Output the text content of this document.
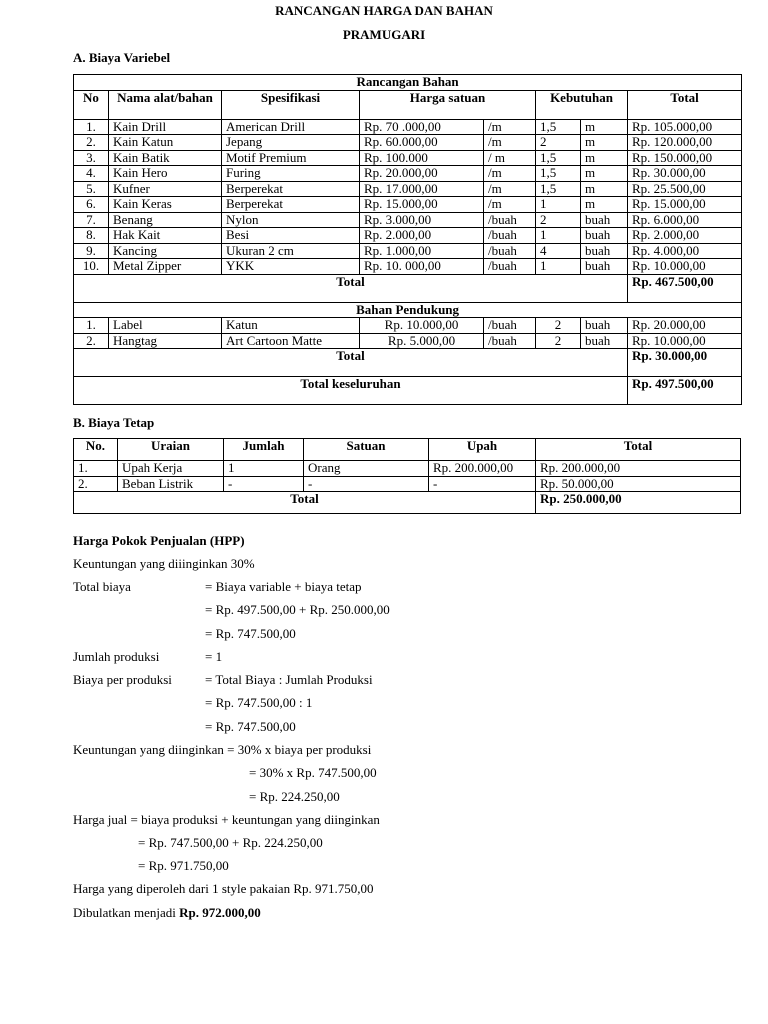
RANCANGAN HARGA DAN BAHAN
PRAMUGARI
A. Biaya Variebel
Rancangan Bahan							
No	Nama alat/bahan	Spesifikasi	Harga satuan		Kebutuhan		Total
1.	Kain Drill	American Drill	Rp. 70 .000,00	/m	1,5	m	Rp. 105.000,00
2.	Kain Katun	Jepang	Rp. 60.000,00	/m	2	m	Rp. 120.000,00
3.	Kain Batik	Motif Premium	Rp. 100.000	/ m	1,5	m	Rp. 150.000,00
4.	Kain Hero	Furing	Rp. 20.000,00	/m	1,5	m	Rp. 30.000,00
5.	Kufner	Berperekat	Rp. 17.000,00	/m	1,5	m	Rp. 25.500,00
6.	Kain Keras	Berperekat	Rp. 15.000,00	/m	1	m	Rp. 15.000,00
7.	Benang	Nylon	Rp. 3.000,00	/buah	2	buah	Rp. 6.000,00
8.	Hak Kait	Besi	Rp. 2.000,00	/buah	1	buah	Rp. 2.000,00
9.	Kancing	Ukuran 2 cm	Rp. 1.000,00	/buah	4	buah	Rp. 4.000,00
10.	Metal Zipper	YKK	Rp. 10. 000,00	/buah	1	buah	Rp. 10.000,00
Total							Rp. 467.500,00
Bahan Pendukung							
1.	Label	Katun	Rp. 10.000,00	/buah	2	buah	Rp. 20.000,00
2.	Hangtag	Art Cartoon Matte	Rp. 5.000,00	/buah	2	buah	Rp. 10.000,00
Total							Rp. 30.000,00
Total keseluruhan							Rp. 497.500,00
B. Biaya Tetap
No.	Uraian	Jumlah	Satuan	Upah	Total
1.	Upah Kerja	1	Orang	Rp. 200.000,00	Rp. 200.000,00
2.	Beban Listrik	-	-	-	Rp. 50.000,00
Total					Rp. 250.000,00
Harga Pokok Penjualan (HPP)
Keuntungan yang diiinginkan 30%
Total biaya	= Biaya variable + biaya tetap
= Rp. 497.500,00 + Rp. 250.000,00
= Rp. 747.500,00
Jumlah produksi	= 1
Biaya per produksi	= Total Biaya : Jumlah Produksi
= Rp. 747.500,00 : 1
= Rp. 747.500,00
Keuntungan yang diinginkan = 30% x biaya per produksi
= 30% x Rp. 747.500,00
= Rp. 224.250,00
Harga jual = biaya produksi + keuntungan yang diinginkan
= Rp. 747.500,00 + Rp. 224.250,00
= Rp. 971.750,00
Harga yang diperoleh dari 1 style pakaian Rp. 971.750,00
Dibulatkan menjadi Rp. 972.000,00
